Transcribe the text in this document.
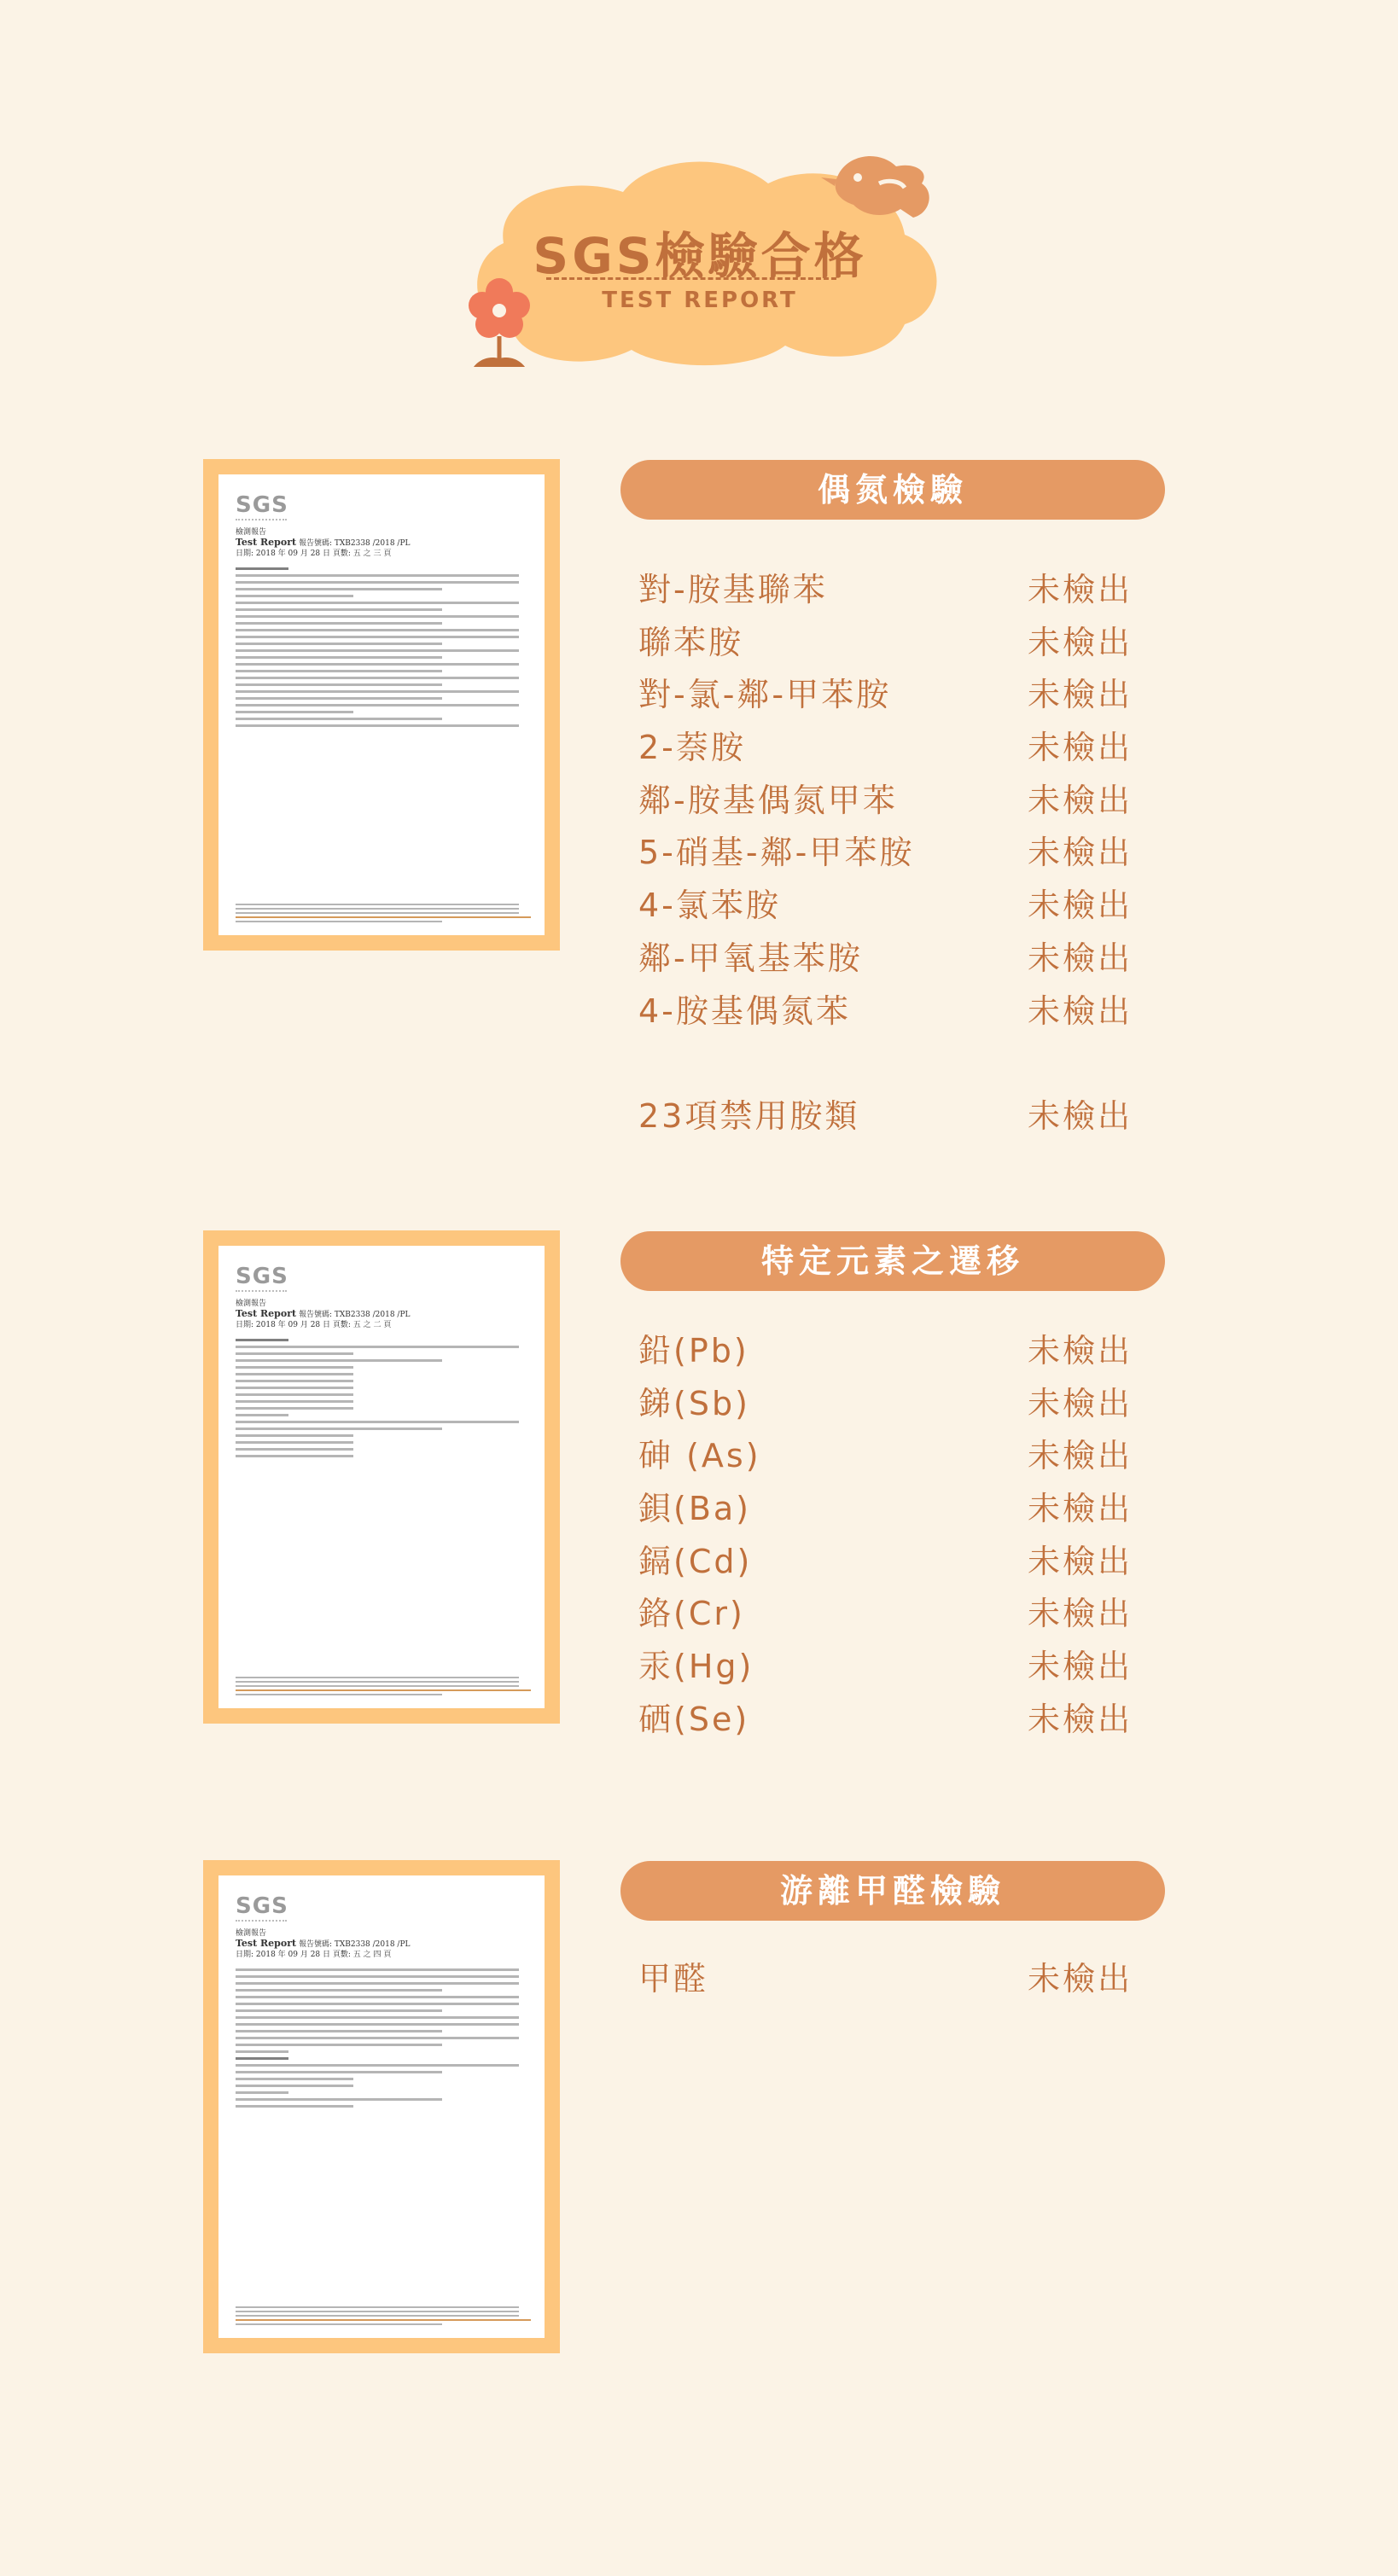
SGS檢驗合格
TEST REPORT
SGS
檢測報告
Test Report 報告號碼: TXB2338 /2018 /PL
日期: 2018 年 09 月 28 日 頁數: 五 之 三 頁
SGS
檢測報告
Test Report 報告號碼: TXB2338 /2018 /PL
日期: 2018 年 09 月 28 日 頁數: 五 之 二 頁
SGS
檢測報告
Test Report 報告號碼: TXB2338 /2018 /PL
日期: 2018 年 09 月 28 日 頁數: 五 之 四 頁
偶氮檢驗
對-胺基聯苯	未檢出
聯苯胺	未檢出
對-氯-鄰-甲苯胺	未檢出
2-萘胺	未檢出
鄰-胺基偶氮甲苯	未檢出
5-硝基-鄰-甲苯胺	未檢出
4-氯苯胺	未檢出
鄰-甲氧基苯胺	未檢出
4-胺基偶氮苯	未檢出
23項禁用胺類	未檢出
特定元素之遷移
鉛(Pb)	未檢出
銻(Sb)	未檢出
砷 (As)	未檢出
鋇(Ba)	未檢出
鎘(Cd)	未檢出
鉻(Cr)	未檢出
汞(Hg)	未檢出
硒(Se)	未檢出
游離甲醛檢驗
甲醛	未檢出
